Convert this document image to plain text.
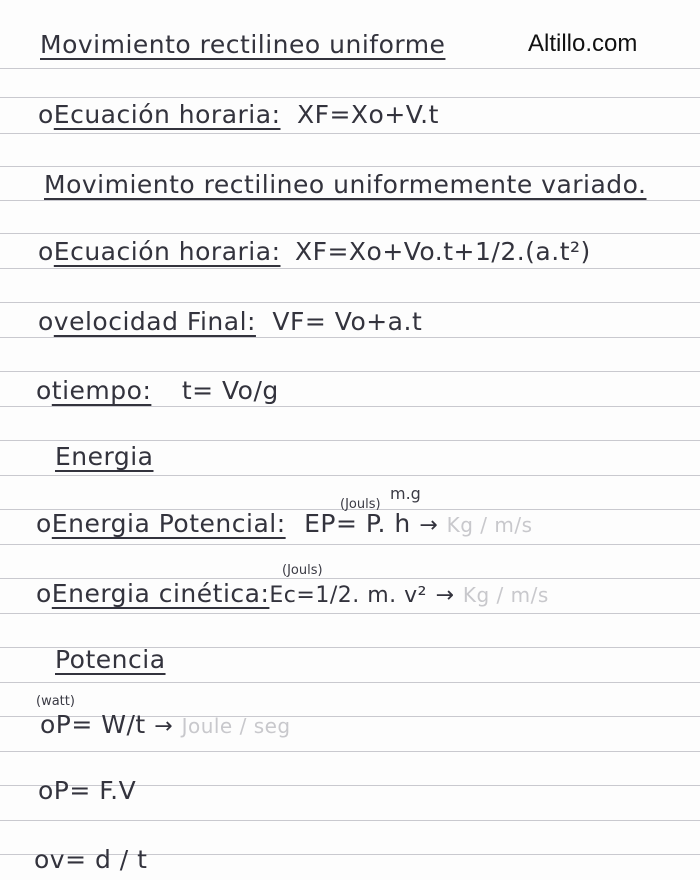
Altillo.com
Movimiento rectilineo uniforme
oEcuación horaria: XF=Xo+V.t
Movimiento rectilineo uniformemente variado.
oEcuación horaria: XF=Xo+Vo.t+1/2.(a.t²)
ovelocidad Final: VF= Vo+a.t
otiempo: t= Vo/g
Energia
(Jouls)
m.g
oEnergia Potencial: EP= P. h → Kg / m/s
(Jouls)
oEnergia cinética:Ec=1/2. m. v² → Kg / m/s
Potencia
(watt)
oP= W/t → Joule / seg
oP= F.V
ov= d / t
